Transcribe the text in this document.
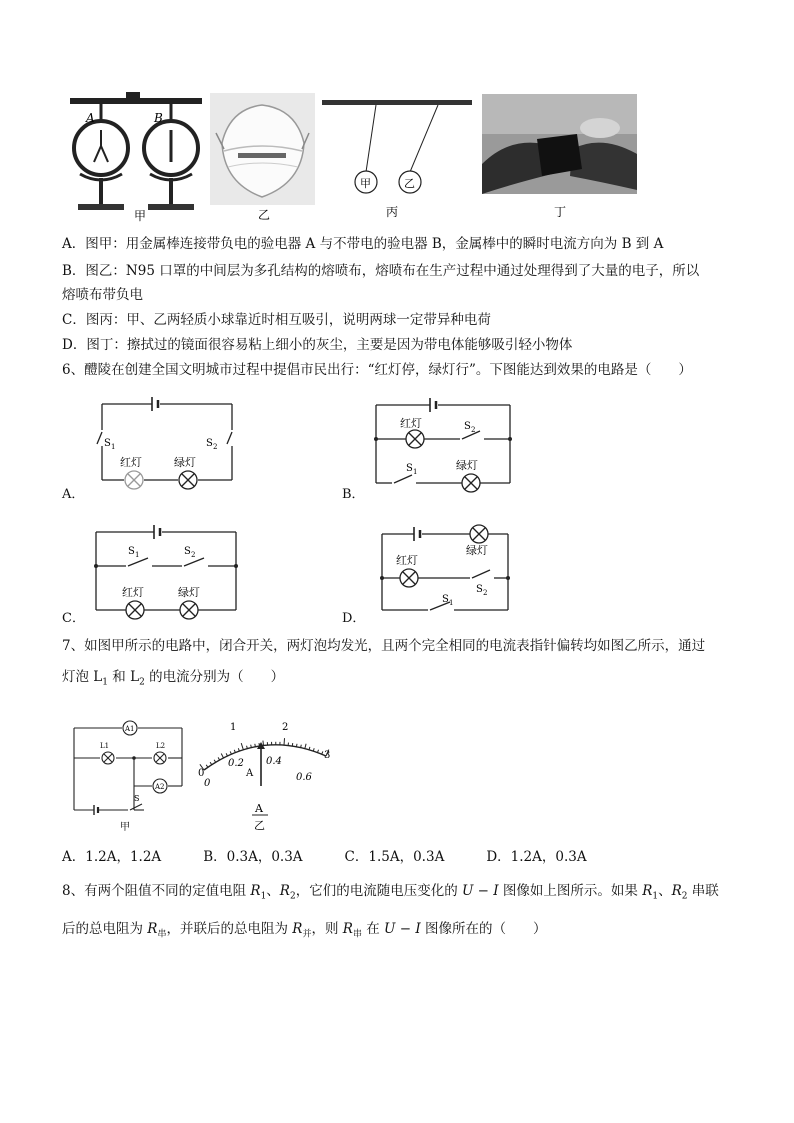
A	B
甲	乙
甲	乙
丙	丁
A．图甲：用金属棒连接带负电的验电器 A 与不带电的验电器 B，金属棒中的瞬时电流方向为 B 到 A
B．图乙：N95 口罩的中间层为多孔结构的熔喷布，熔喷布在生产过程中通过处理得到了大量的电子，所以
熔喷布带负电
C．图丙：甲、乙两轻质小球靠近时相互吸引，说明两球一定带异种电荷
D．图丁：擦拭过的镜面很容易粘上细小的灰尘，主要是因为带电体能够吸引轻小物体
6、醴陵在创建全国文明城市过程中提倡市民出行：“红灯停，绿灯行”。下图能达到效果的电路是（　　）
S 1	S 2
红灯	绿灯
A．
红灯	S 2
S 1	绿灯
B．
S 1	S 2
红灯	绿灯
C．
绿灯
红灯
S 2
S 1
D．
7、如图甲所示的电路中，闭合开关，两灯泡均发光，且两个完全相同的电流表指针偏转均如图乙所示，通过
灯泡 $L_1$ 和 $L_2$ 的电流分别为（　　）
A1
A2
L1	L2
S
甲
0
1	2
3
0
0.2 0.4
0.6
A
A
乙
A．1.2A，1.2A	B．0.3A，0.3A	C．1.5A，0.3A	D．1.2A，0.3A
8、有两个阻值不同的定值电阻 $R_1$、$R_2$，它们的电流随电压变化的 U − I 图像如上图所示。如果 $R_1$、$R_2$ 串联
后的总电阻为 $R_串$，并联后的总电阻为 $R_并$，则 $R_串$ 在 U − I 图像所在的（　　）
